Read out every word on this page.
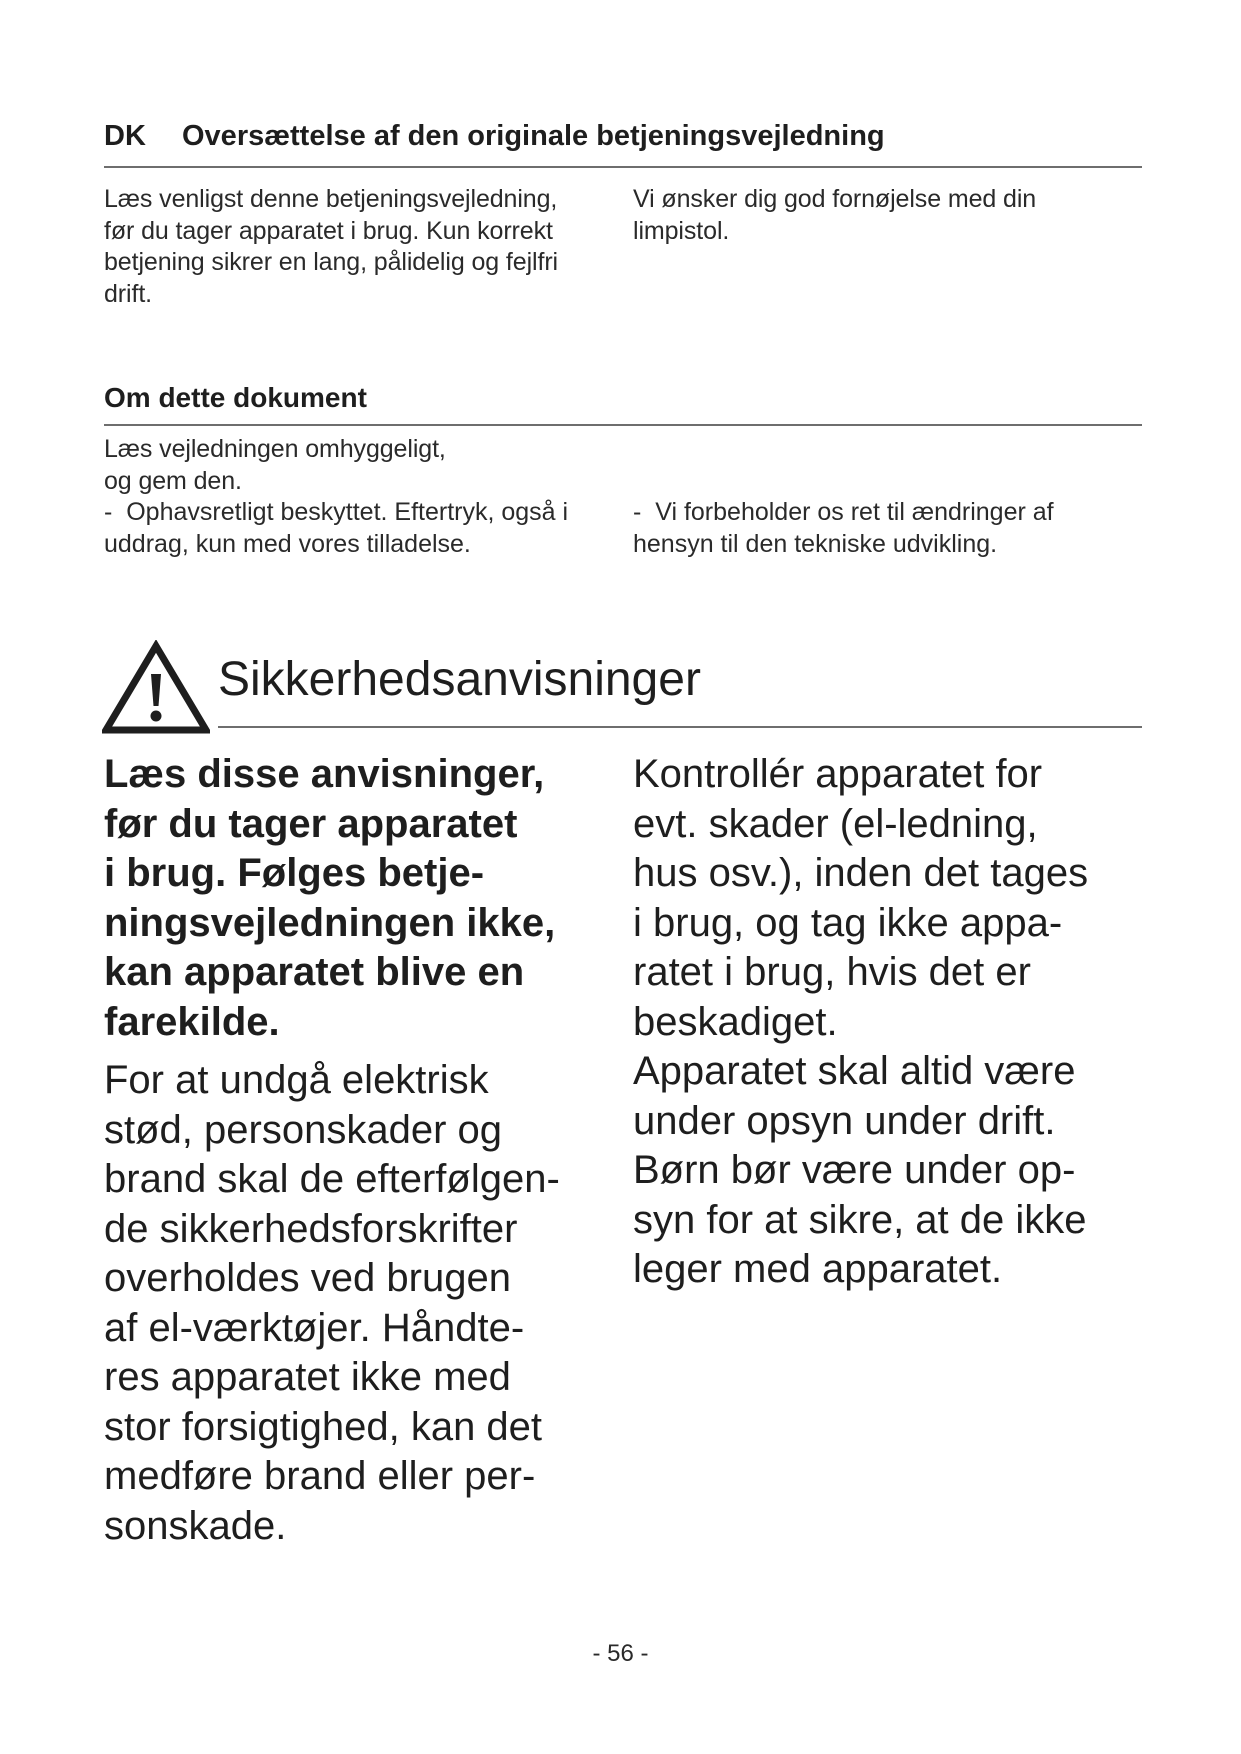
DK Oversættelse af den originale betjeningsvejledning
Læs venligst denne betjeningsvejledning,
før du tager apparatet i brug. Kun korrekt
betjening sikrer en lang, pålidelig og fejlfri
drift.
Vi ønsker dig god fornøjelse med din
limpistol.
Om dette dokument
Læs vejledningen omhyggeligt,
og gem den.
- Ophavsretligt beskyttet. Eftertryk, også i
uddrag, kun med vores tilladelse.
- Vi forbeholder os ret til ændringer af
hensyn til den tekniske udvikling.
Sikkerhedsanvisninger
Læs disse anvisninger,
før du tager apparatet
i brug. Følges betje-
ningsvejledningen ikke,
kan apparatet blive en
farekilde.
For at undgå elektrisk
stød, personskader og
brand skal de efterfølgen-
de sikkerhedsforskrifter
overholdes ved brugen
af el-værktøjer. Håndte-
res apparatet ikke med
stor forsigtighed, kan det
medføre brand eller per-
sonskade.
Kontrollér apparatet for
evt. skader (el-ledning,
hus osv.), inden det tages
i brug, og tag ikke appa-
ratet i brug, hvis det er
beskadiget.
Apparatet skal altid være
under opsyn under drift.
Børn bør være under op-
syn for at sikre, at de ikke
leger med apparatet.
- 56 -
